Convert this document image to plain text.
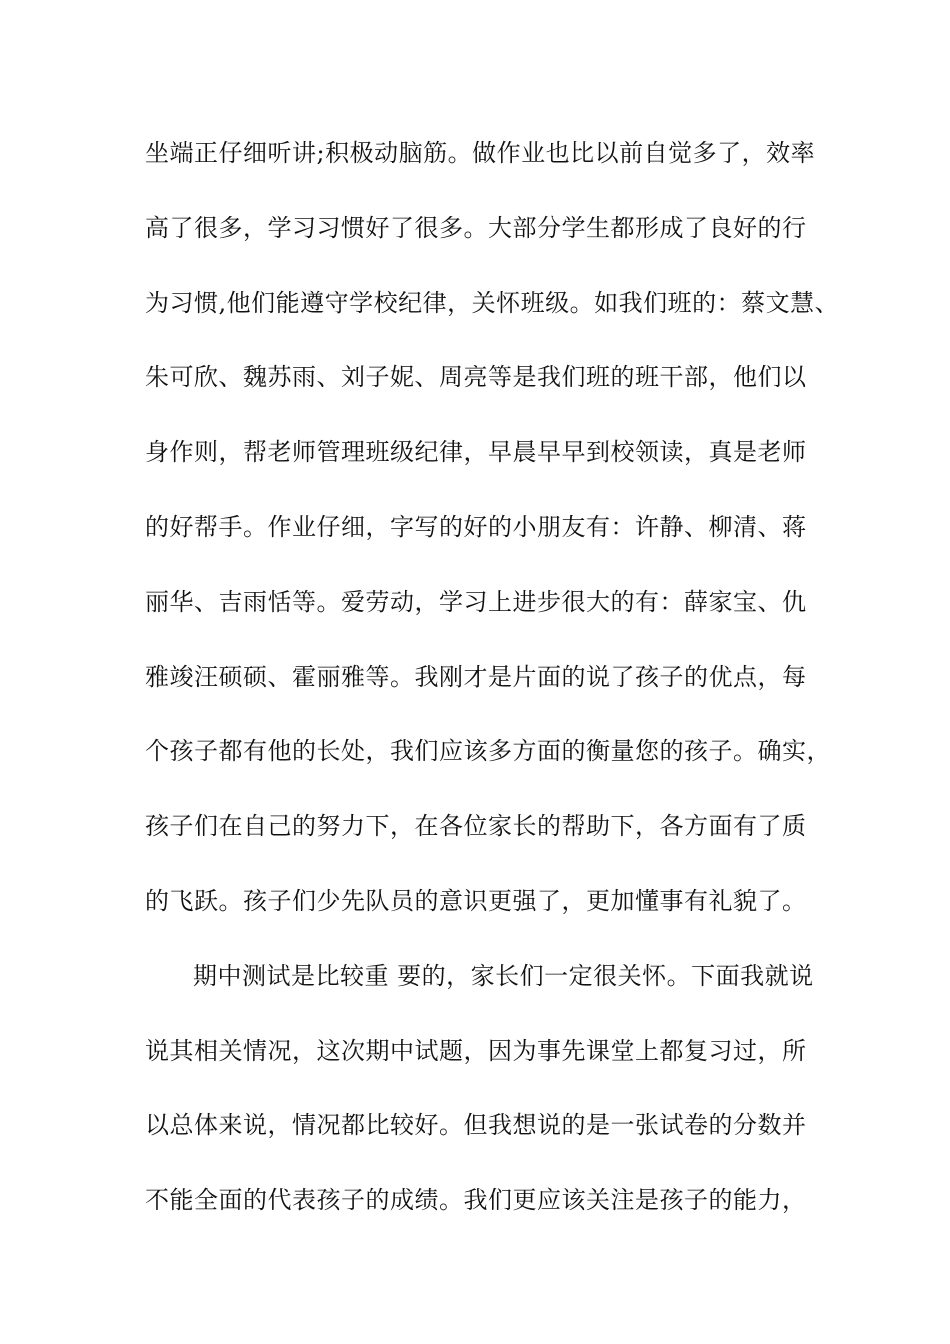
坐端正仔细听讲;积极动脑筋。做作业也比以前自觉多了，效率
高了很多，学习习惯好了很多。大部分学生都形成了良好的行
为习惯,他们能遵守学校纪律，关怀班级。如我们班的：蔡文慧、
朱可欣、魏苏雨、刘子妮、周亮等是我们班的班干部，他们以
身作则，帮老师管理班级纪律，早晨早早到校领读，真是老师
的好帮手。作业仔细，字写的好的小朋友有：许静、柳清、蒋
丽华、吉雨恬等。爱劳动，学习上进步很大的有：薛家宝、仇
雅竣汪硕硕、霍丽雅等。我刚才是片面的说了孩子的优点，每
个孩子都有他的长处，我们应该多方面的衡量您的孩子。确实，
孩子们在自己的努力下，在各位家长的帮助下，各方面有了质
的飞跃。孩子们少先队员的意识更强了，更加懂事有礼貌了。
期中测试是比较重 要的，家长们一定很关怀。下面我就说
说其相关情况，这次期中试题，因为事先课堂上都复习过，所
以总体来说，情况都比较好。但我想说的是一张试卷的分数并
不能全面的代表孩子的成绩。我们更应该关注是孩子的能力，
